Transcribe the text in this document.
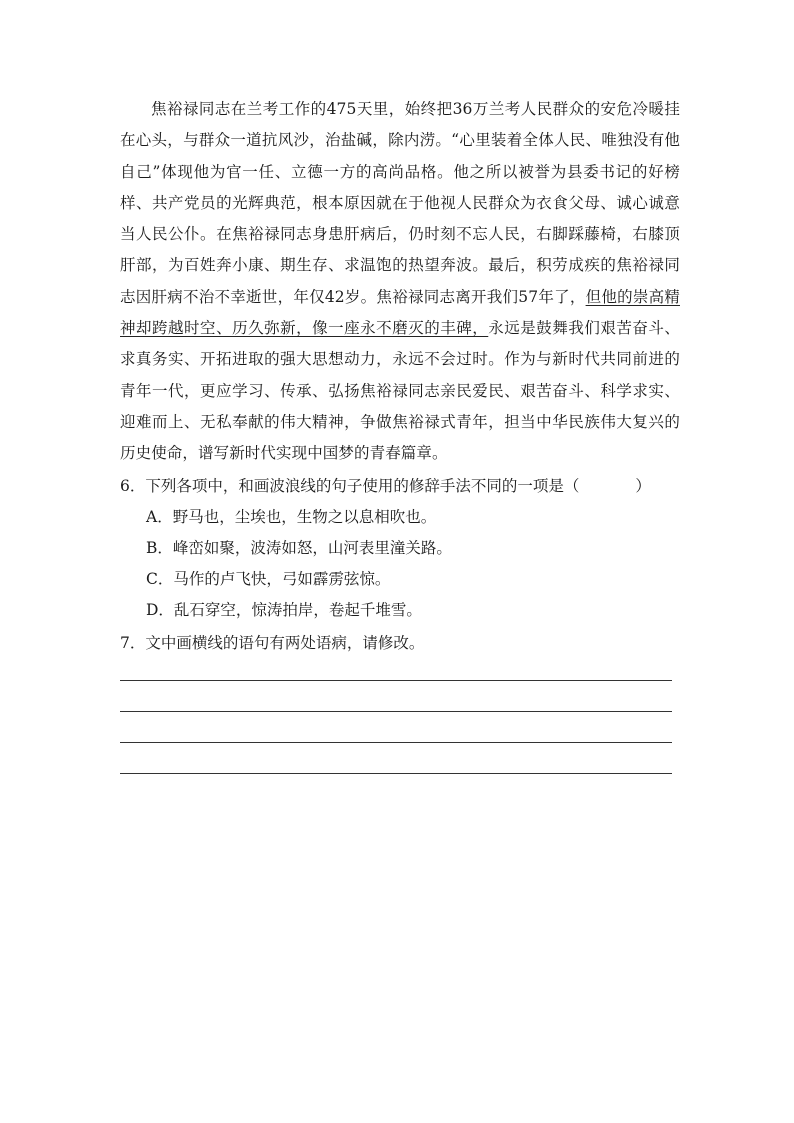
焦裕禄同志在兰考工作的475天里，始终把36万兰考人民群众的安危冷暖挂在心头，与群众一道抗风沙，治盐碱，除内涝。“心里装着全体人民、唯独没有他自己”体现他为官一任、立德一方的高尚品格。他之所以被誉为县委书记的好榜样、共产党员的光辉典范，根本原因就在于他视人民群众为衣食父母、诚心诚意当人民公仆。在焦裕禄同志身患肝病后，仍时刻不忘人民，右脚踩藤椅，右膝顶肝部，为百姓奔小康、期生存、求温饱的热望奔波。最后，积劳成疾的焦裕禄同志因肝病不治不幸逝世，年仅42岁。焦裕禄同志离开我们57年了，但他的崇高精神却跨越时空、历久弥新，像一座永不磨灭的丰碑，永远是鼓舞我们艰苦奋斗、求真务实、开拓进取的强大思想动力，永远不会过时。作为与新时代共同前进的青年一代，更应学习、传承、弘扬焦裕禄同志亲民爱民、艰苦奋斗、科学求实、迎难而上、无私奉献的伟大精神，争做焦裕禄式青年，担当中华民族伟大复兴的历史使命，谱写新时代实现中国梦的青春篇章。

6．下列各项中，和画波浪线的句子使用的修辞手法不同的一项是（	）

A．野马也，尘埃也，生物之以息相吹也。

B．峰峦如聚，波涛如怒，山河表里潼关路。

C．马作的卢飞快，弓如霹雳弦惊。

D．乱石穿空，惊涛拍岸，卷起千堆雪。

7．文中画横线的语句有两处语病，请修改。
